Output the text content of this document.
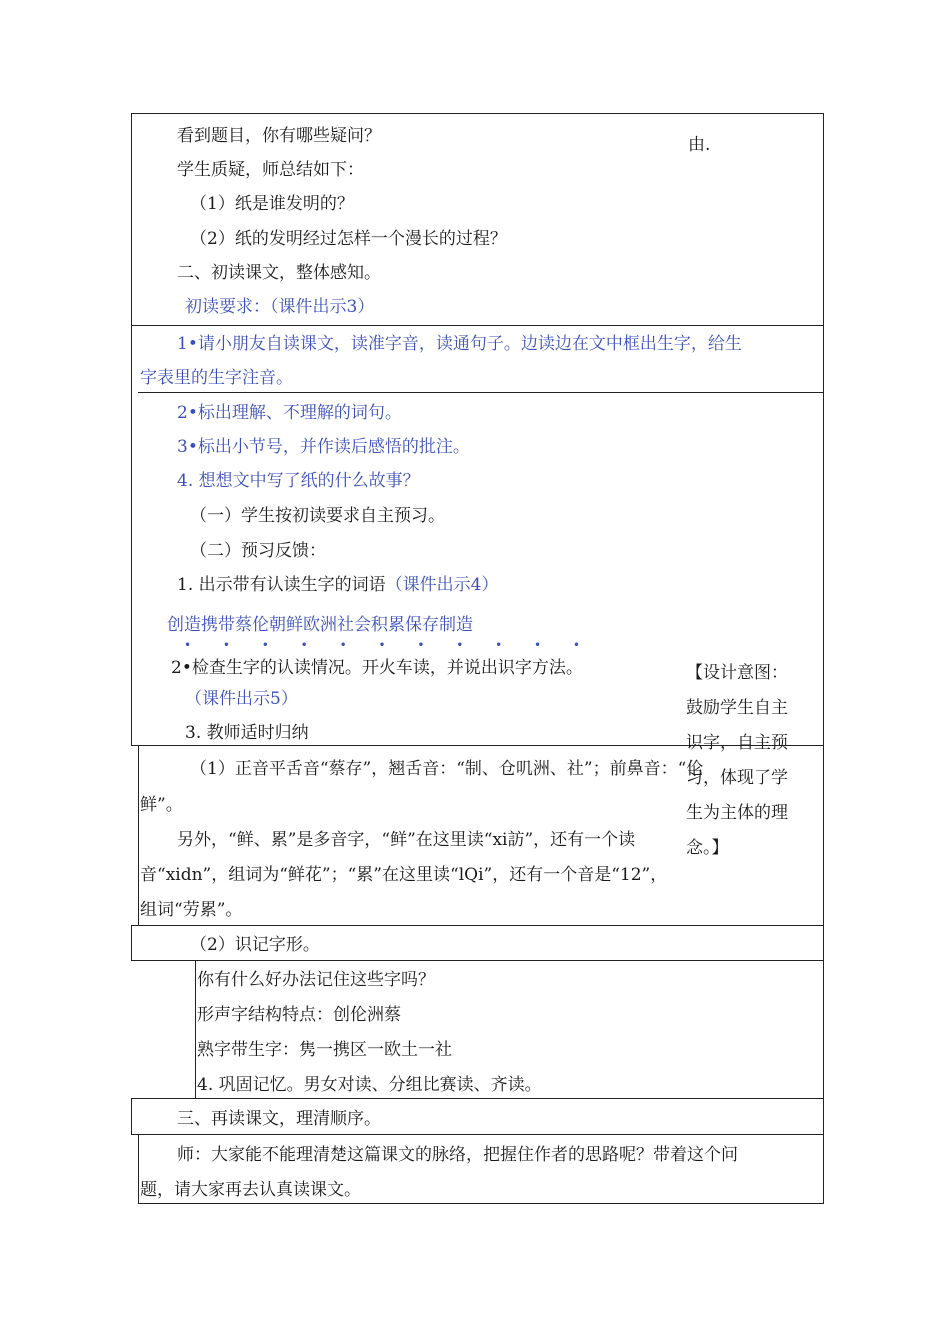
看到题目，你有哪些疑问？	由.
学生质疑，师总结如下：
（1）纸是谁发明的？
（2）纸的发明经过怎样一个漫长的过程？
二、初读课文，整体感知。
初读要求：（课件出示3）
1•请小朋友自读课文，读准字音，读通句子。边读边在文中框出生字，给生
字表里的生字注音。
2•标出理解、不理解的词句。
3•标出小节号，并作读后感悟的批注。
4. 想想文中写了纸的什么故事？
（一）学生按初读要求自主预习。
（二）预习反馈：
1. 出示带有认读生字的词语（课件出示4）
创造携带蔡伦朝鲜欧洲社会积累保存制造
• • • • • • • • • • •
2•检查生字的认读情况。开火车读，并说出识字方法。
（课件出示5）
3. 教师适时归纳
【设计意图：
鼓励学生自主
识字，自主预
习，体现了学
生为主体的理
念。】
（1）正音平舌音“蔡存”，翘舌音：“制、仓叽洲、社”；前鼻音：“伦
鲜”。
另外，“鲜、累”是多音字，“鲜”在这里读“xi訪”，还有一个读
音“xidn”，组词为“鲜花”；“累”在这里读“lQi”，还有一个音是“12”，
组词“劳累”。
（2）识记字形。
你有什么好办法记住这些字吗？
形声字结构特点：创伦洲蔡
熟字带生字：隽一携区一欧土一社
4. 巩固记忆。男女对读、分组比赛读、齐读。
三、再读课文，理清顺序。
师：大家能不能理清楚这篇课文的脉络，把握住作者的思路呢？带着这个问
题，请大家再去认真读课文。
